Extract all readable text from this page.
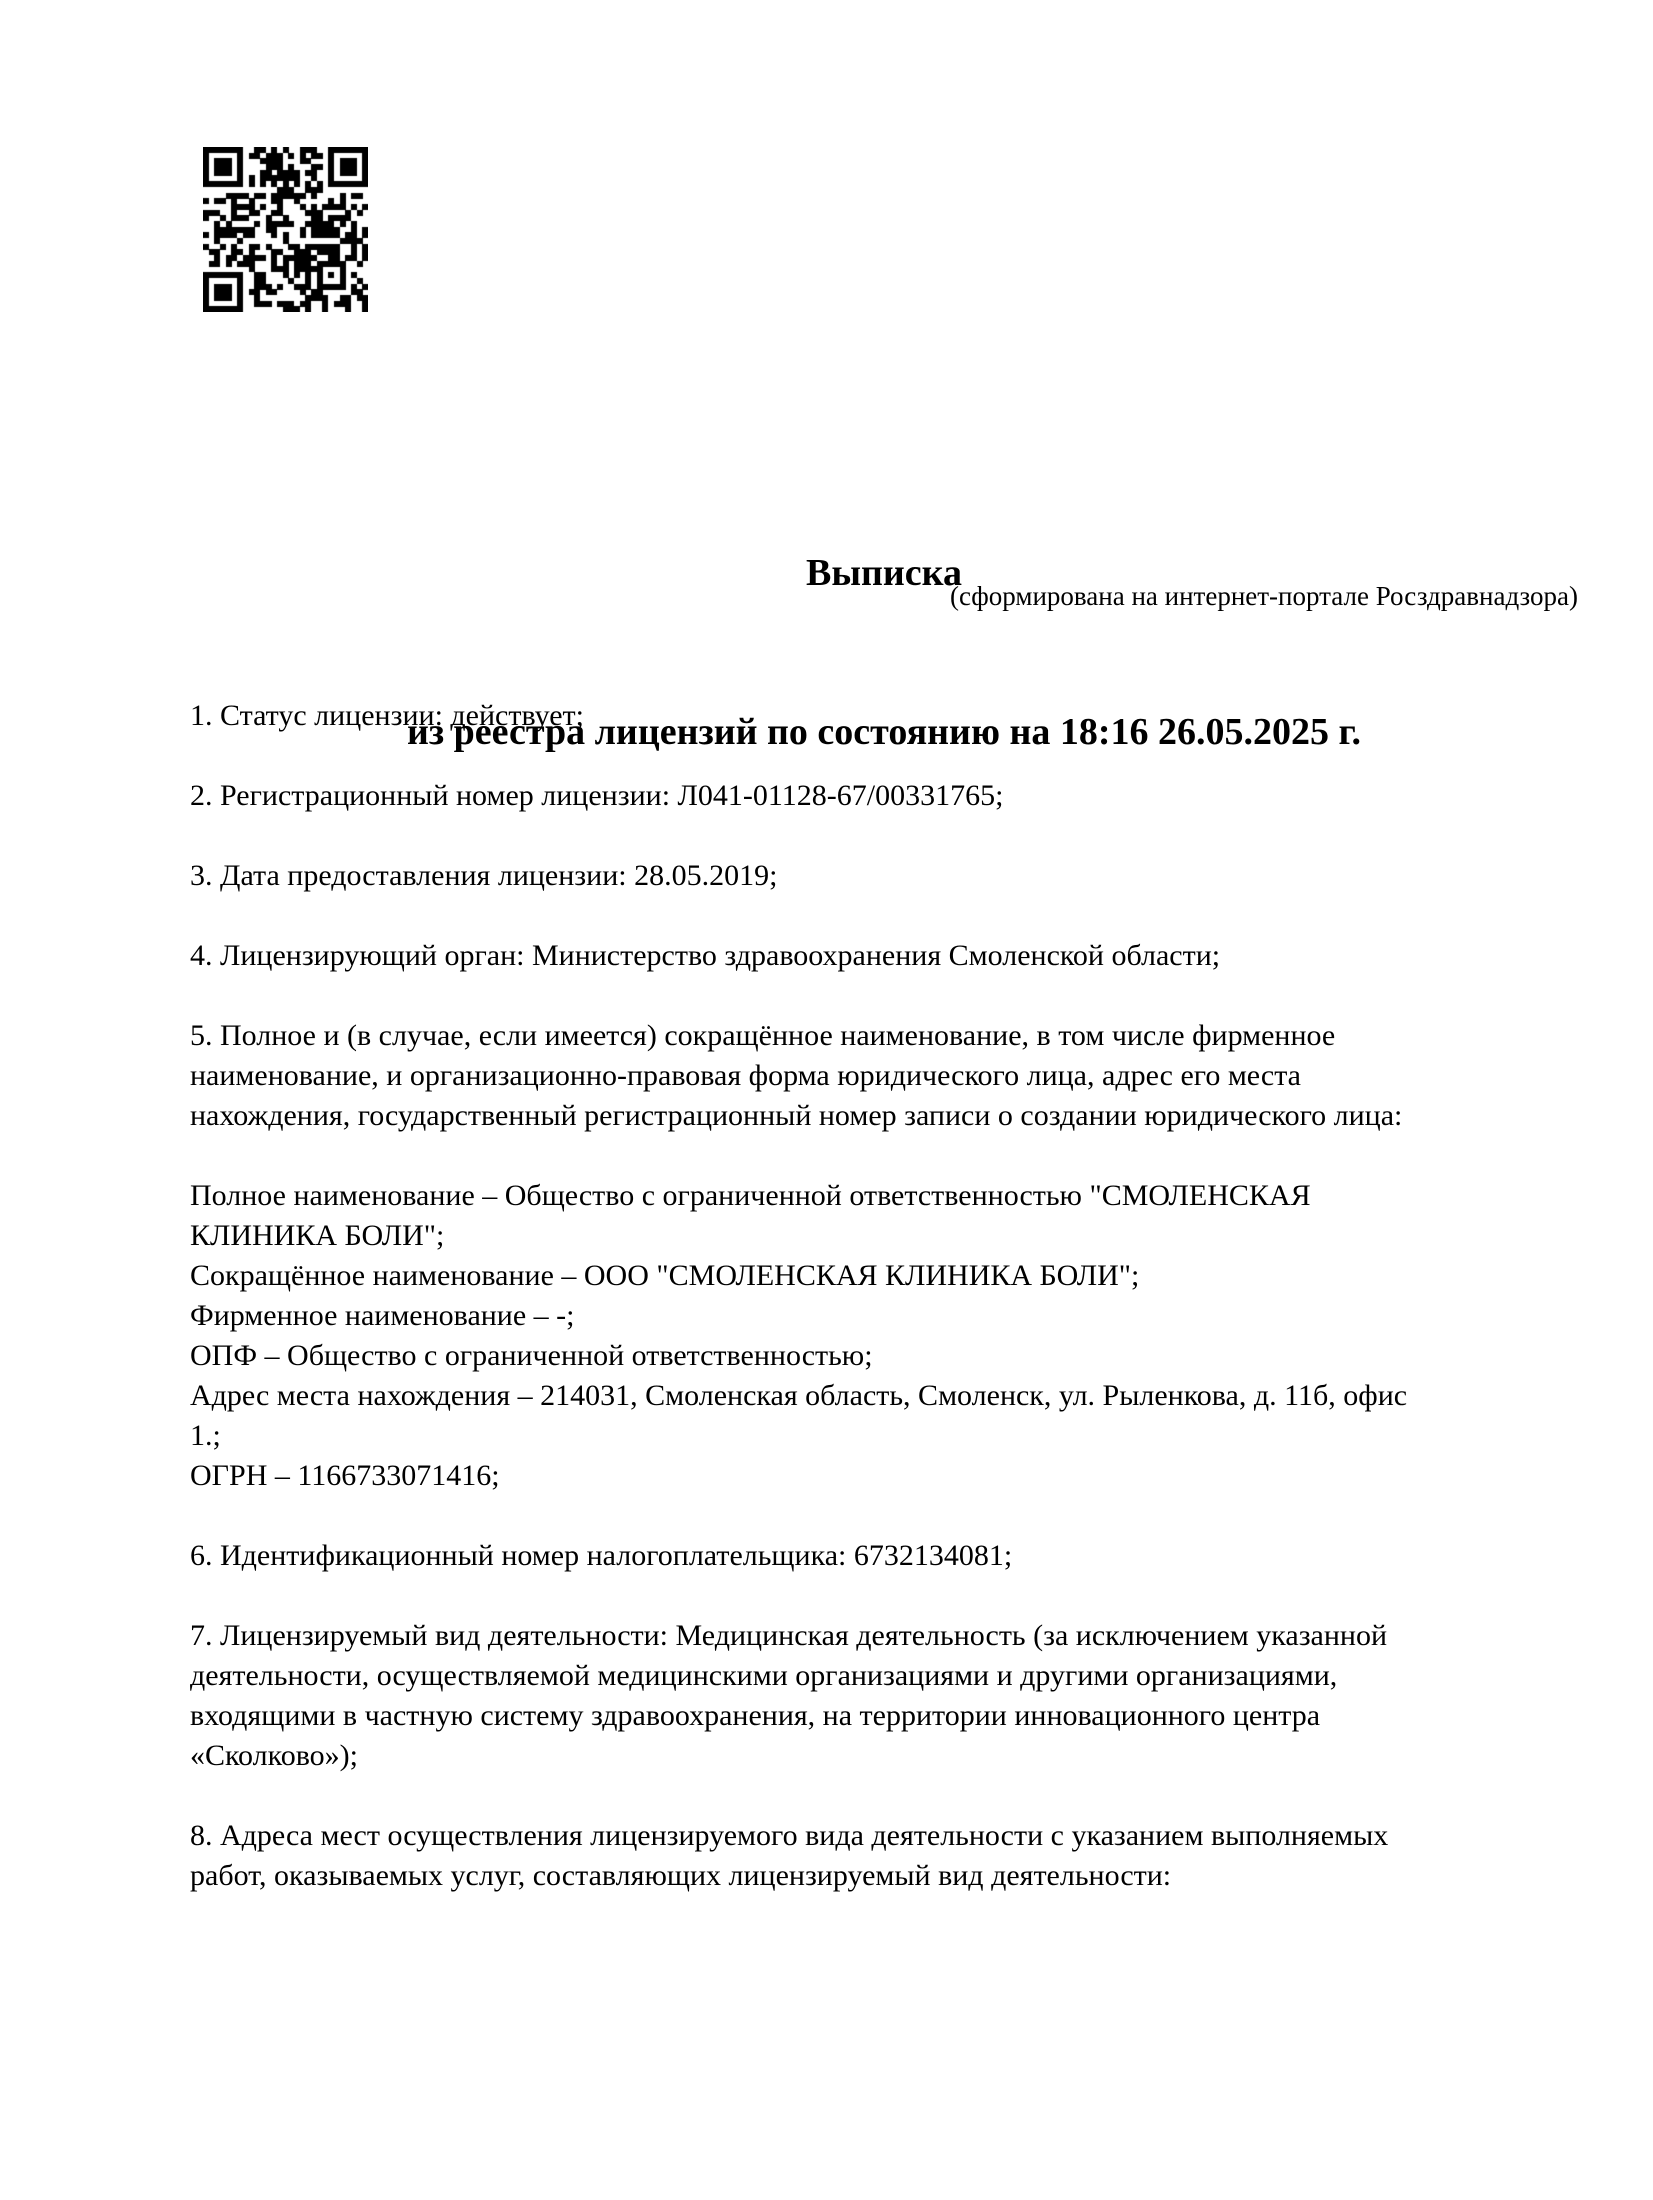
Выписка

из реестра лицензий по состоянию на 18:16 26.05.2025 г.

(сформирована на интернет-портале Росздравнадзора)
1. Статус лицензии: действует;
2. Регистрационный номер лицензии: Л041-01128-67/00331765;
3. Дата предоставления лицензии: 28.05.2019;
4. Лицензирующий орган: Министерство здравоохранения Смоленской области;
5. Полное и (в случае, если имеется) сокращённое наименование, в том числе фирменное
наименование, и организационно-правовая форма юридического лица, адрес его места
нахождения, государственный регистрационный номер записи о создании юридического лица:
Полное наименование – Общество с ограниченной ответственностью "СМОЛЕНСКАЯ
КЛИНИКА БОЛИ";
Сокращённое наименование – ООО "СМОЛЕНСКАЯ КЛИНИКА БОЛИ";
Фирменное наименование – -;
ОПФ – Общество с ограниченной ответственностью;
Адрес места нахождения – 214031, Смоленская область, Смоленск, ул. Рыленкова, д. 11б, офис
1.;
ОГРН – 1166733071416;
6. Идентификационный номер налогоплательщика: 6732134081;
7. Лицензируемый вид деятельности: Медицинская деятельность (за исключением указанной
деятельности, осуществляемой медицинскими организациями и другими организациями,
входящими в частную систему здравоохранения, на территории инновационного центра
«Сколково»);
8. Адреса мест осуществления лицензируемого вида деятельности с указанием выполняемых
работ, оказываемых услуг, составляющих лицензируемый вид деятельности:
